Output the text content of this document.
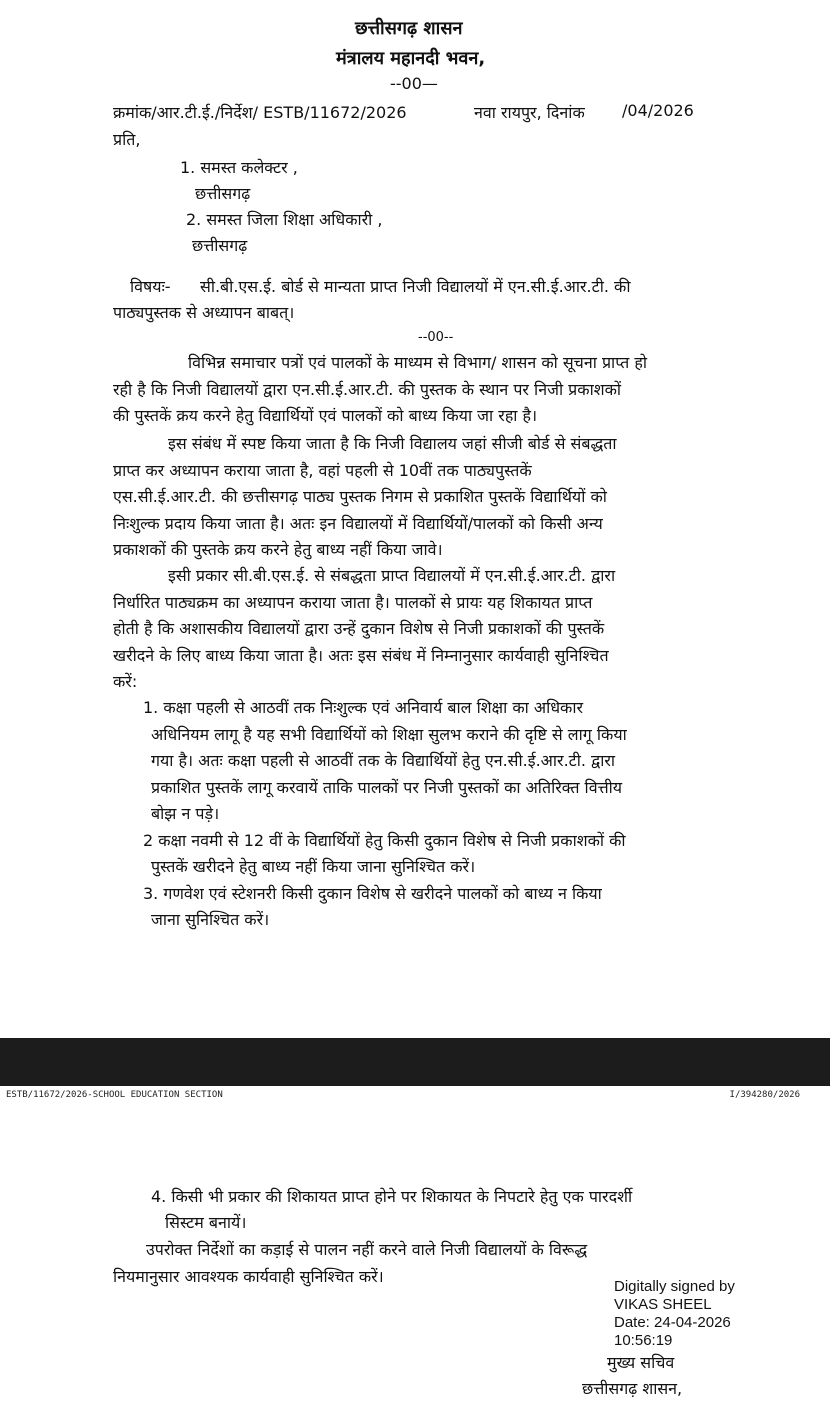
छत्तीसगढ़ शासन
मंत्रालय महानदी भवन,
--00—
क्रमांक/आर.टी.ई./निर्देश/ ESTB/11672/2026	नवा रायपुर, दिनांक /04/2026
प्रति,
1. समस्त कलेक्टर ,
छत्तीसगढ़
2. समस्त जिला शिक्षा अधिकारी ,
छत्तीसगढ़
विषयः- सी.बी.एस.ई. बोर्ड से मान्यता प्राप्त निजी विद्यालयों में एन.सी.ई.आर.टी. की
पाठ्यपुस्तक से अध्यापन बाबत्।
--00--
विभिन्न समाचार पत्रों एवं पालकों के माध्यम से विभाग/ शासन को सूचना प्राप्त हो
रही है कि निजी विद्यालयों द्वारा एन.सी.ई.आर.टी. की पुस्तक के स्थान पर निजी प्रकाशकों
की पुस्तकें क्रय करने हेतु विद्यार्थियों एवं पालकों को बाध्य किया जा रहा है।
इस संबंध में स्पष्ट किया जाता है कि निजी विद्यालय जहां सीजी बोर्ड से संबद्धता
प्राप्त कर अध्यापन कराया जाता है, वहां पहली से 10वीं तक पाठ्यपुस्तकें
एस.सी.ई.आर.टी. की छत्तीसगढ़ पाठ्य पुस्तक निगम से प्रकाशित पुस्तकें विद्यार्थियों को
निःशुल्क प्रदाय किया जाता है। अतः इन विद्यालयों में विद्यार्थियों/पालकों को किसी अन्य
प्रकाशकों की पुस्तके क्रय करने हेतु बाध्य नहीं किया जावे।
इसी प्रकार सी.बी.एस.ई. से संबद्धता प्राप्त विद्यालयों में एन.सी.ई.आर.टी. द्वारा
निर्धारित पाठ्यक्रम का अध्यापन कराया जाता है। पालकों से प्रायः यह शिकायत प्राप्त
होती है कि अशासकीय विद्यालयों द्वारा उन्हें दुकान विशेष से निजी प्रकाशकों की पुस्तकें
खरीदने के लिए बाध्य किया जाता है। अतः इस संबंध में निम्नानुसार कार्यवाही सुनिश्चित
करें:
1. कक्षा पहली से आठवीं तक निःशुल्क एवं अनिवार्य बाल शिक्षा का अधिकार
अधिनियम लागू है यह सभी विद्यार्थियों को शिक्षा सुलभ कराने की दृष्टि से लागू किया
गया है। अतः कक्षा पहली से आठवीं तक के विद्यार्थियों हेतु एन.सी.ई.आर.टी. द्वारा
प्रकाशित पुस्तकें लागू करवायें ताकि पालकों पर निजी पुस्तकों का अतिरिक्त वित्तीय
बोझ न पड़े।
2 कक्षा नवमी से 12 वीं के विद्यार्थियों हेतु किसी दुकान विशेष से निजी प्रकाशकों की
पुस्तकें खरीदने हेतु बाध्य नहीं किया जाना सुनिश्चित करें।
3. गणवेश एवं स्टेशनरी किसी दुकान विशेष से खरीदने पालकों को बाध्य न किया
जाना सुनिश्चित करें।
ESTB/11672/2026-SCHOOL EDUCATION SECTION	I/394280/2026
4. किसी भी प्रकार की शिकायत प्राप्त होने पर शिकायत के निपटारे हेतु एक पारदर्शी
सिस्टम बनायें।
उपरोक्त निर्देशों का कड़ाई से पालन नहीं करने वाले निजी विद्यालयों के विरूद्ध
नियमानुसार आवश्यक कार्यवाही सुनिश्चित करें।
Digitally signed by
VIKAS SHEEL
Date: 24-04-2026
10:56:19
मुख्य सचिव
छत्तीसगढ़ शासन,
